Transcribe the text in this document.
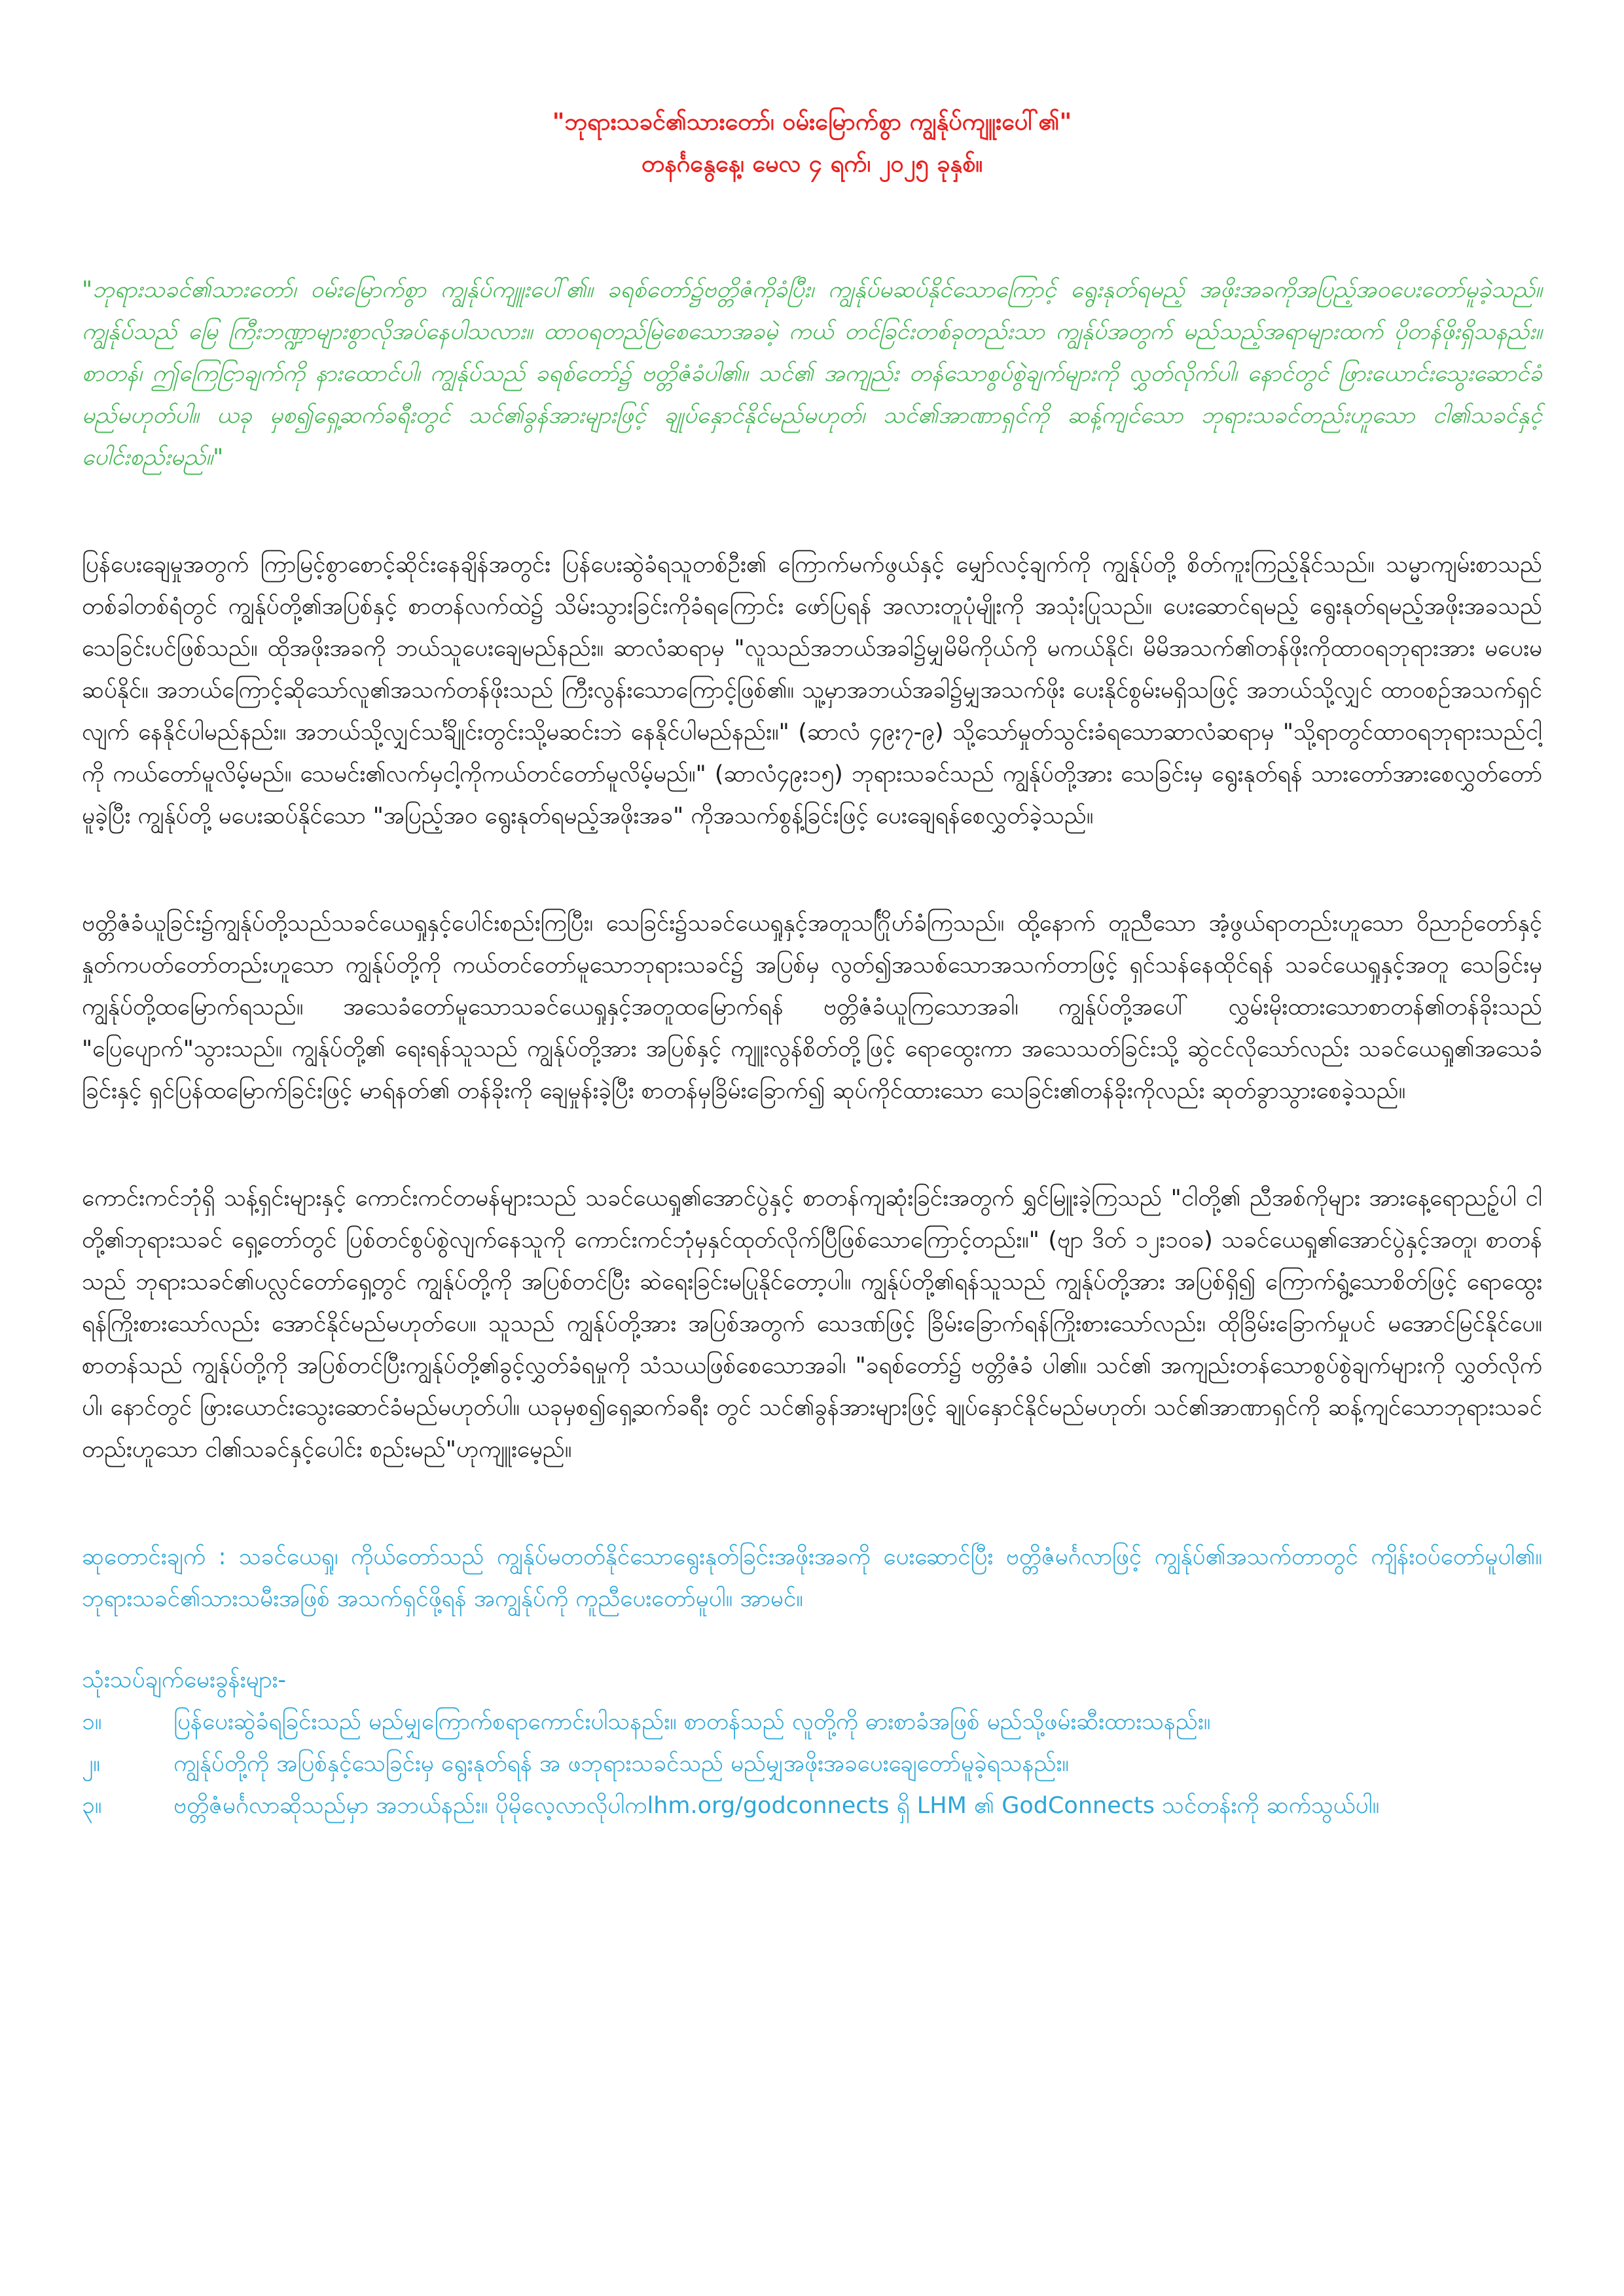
"ဘုရားသခင်၏သားတော်၊ ဝမ်းမြောက်စွာ ကျွန်ုပ်ကျူးပေါ်၏"

တနင်္ဂနွေနေ့၊ မေလ ၄ ရက်၊ ၂၀၂၅ ခုနှစ်။

"ဘုရားသခင်၏သားတော်၊ ဝမ်းမြောက်စွာ ကျွန်ုပ်ကျူးပေါ်၏။ ခရစ်တော်၌ဗတ္တိဇံကိုခံပြီး၊ ကျွန်ုပ်မဆပ်နိုင်သောကြောင့် ရွေးနုတ်ရမည့် အဖိုးအခကိုအပြည့်အဝပေးတော်မူခဲ့သည်။ ကျွန်ုပ်သည် မြေ ကြီးဘဏ္ဍာများစွာလိုအပ်နေပါသလား။ ထာဝရတည်မြဲစေသောအခမဲ့ ကယ် တင်ခြင်းတစ်ခုတည်းသာ ကျွန်ုပ်အတွက် မည်သည့်အရာများထက် ပိုတန်ဖိုးရှိသနည်း။ စာတန်၊ ဤကြေငြာချက်ကို နားထောင်ပါ၊ ကျွန်ုပ်သည် ခရစ်တော်၌ ဗတ္တိဇံခံပါ၏။ သင်၏ အကျည်း တန်သောစွပ်စွဲချက်များကို လွှတ်လိုက်ပါ၊ နောင်တွင် ဖြားယောင်းသွေးဆောင်ခံမည်မဟုတ်ပါ။ ယခု မှစ၍ရှေ့ဆက်ခရီးတွင် သင်၏ခွန်အားများဖြင့် ချုပ်နှောင်နိုင်မည်မဟုတ်၊ သင်၏အာဏာရှင်ကို ဆန့်ကျင်သော ဘုရားသခင်တည်းဟူသော ငါ၏သခင်နှင့်ပေါင်းစည်းမည်။"

ပြန်ပေးချေမှုအတွက် ကြာမြင့်စွာစောင့်ဆိုင်းနေချိန်အတွင်း ပြန်ပေးဆွဲခံရသူတစ်ဦး၏ ကြောက်မက်ဖွယ်နှင့် မျှော်လင့်ချက်ကို ကျွန်ုပ်တို့ စိတ်ကူးကြည့်နိုင်သည်။ သမ္မာကျမ်းစာသည် တစ်ခါတစ်ရံတွင် ကျွန်ုပ်တို့၏အပြစ်နှင့် စာတန်လက်ထဲ၌ သိမ်းသွားခြင်းကိုခံရကြောင်း ဖော်ပြရန် အလားတူပုံမျိုးကို အသုံးပြုသည်။ ပေးဆောင်ရမည့် ရွေးနုတ်ရမည့်အဖိုးအခသည် သေခြင်းပင်ဖြစ်သည်။ ထိုအဖိုးအခကို ဘယ်သူပေးချေမည်နည်း။ ဆာလံဆရာမှ "လူသည်အဘယ်အခါ၌မျှမိမိကိုယ်ကို မကယ်နိုင်၊ မိမိအသက်၏တန်ဖိုးကိုထာဝရဘုရားအား မပေးမဆပ်နိုင်။ အဘယ်ကြောင့်ဆိုသော်လူ၏အသက်တန်ဖိုးသည် ကြီးလွန်းသောကြောင့်ဖြစ်၏။ သူ့မှာအဘယ်အခါ၌မျှအသက်ဖိုး ပေးနိုင်စွမ်းမရှိသဖြင့် အဘယ်သို့လျှင် ထာဝစဉ်အသက်ရှင်လျက် နေနိုင်ပါမည်နည်း။ အဘယ်သို့လျှင်သင်္ချိုင်းတွင်းသို့မဆင်းဘဲ နေနိုင်ပါမည်နည်း။" (ဆာလံ ၄၉း၇-၉) သို့သော်မှုတ်သွင်းခံရသောဆာလံဆရာမှ "သို့ရာတွင်ထာဝရဘုရားသည်ငါ့ကို ကယ်တော်မူလိမ့်မည်။ သေမင်း၏လက်မှငါ့ကိုကယ်တင်တော်မူလိမ့်မည်။" (ဆာလံ၄၉း၁၅) ဘုရားသခင်သည် ကျွန်ုပ်တို့အား သေခြင်းမှ ရွေးနုတ်ရန် သားတော်အားစေလွှတ်တော်မူခဲ့ပြီး ကျွန်ုပ်တို့ မပေးဆပ်နိုင်သော "အပြည့်အဝ ရွေးနုတ်ရမည့်အဖိုးအခ" ကိုအသက်စွန့်ခြင်းဖြင့် ပေးချေရန်စေလွှတ်ခဲ့သည်။

ဗတ္တိဇံခံယူခြင်း၌ကျွန်ုပ်တို့သည်သခင်ယေရှုနှင့်ပေါင်းစည်းကြပြီး၊ သေခြင်း၌သခင်ယေရှုနှင့်အတူသင်္ဂြိုဟ်ခံကြသည်။ ထို့နောက် တူညီသော အံ့ဖွယ်ရာတည်းဟူသော ဝိညာဉ်တော်နှင့် နှုတ်ကပတ်တော်တည်းဟူသော ကျွန်ုပ်တို့ကို ကယ်တင်တော်မူသောဘုရားသခင်၌ အပြစ်မှ လွတ်၍အသစ်သောအသက်တာဖြင့် ရှင်သန်နေထိုင်ရန် သခင်ယေရှုနှင့်အတူ သေခြင်းမှ ကျွန်ုပ်တို့ထမြောက်ရသည်။ အသေခံတော်မူသောသခင်ယေရှုနှင့်အတူထမြောက်ရန် ဗတ္တိဇံခံယူကြသောအခါ၊ ကျွန်ုပ်တို့အပေါ် လွှမ်းမိုးထားသောစာတန်၏တန်ခိုးသည် "ပြေပျောက်"သွားသည်။ ကျွန်ုပ်တို့၏ ရေးရန်သူသည် ကျွန်ုပ်တို့အား အပြစ်နှင့် ကျူးလွန်စိတ်တို့ဖြင့် ရောထွေးကာ အသေသတ်ခြင်းသို့ ဆွဲငင်လိုသော်လည်း သခင်ယေရှု၏အသေခံခြင်းနှင့် ရှင်ပြန်ထမြောက်ခြင်းဖြင့် မာရ်နတ်၏ တန်ခိုးကို ချေမှုန်းခဲ့ပြီး စာတန်မှခြိမ်းခြောက်၍ ဆုပ်ကိုင်ထားသော သေခြင်း၏တန်ခိုးကိုလည်း ဆုတ်ခွာသွားစေခဲ့သည်။

ကောင်းကင်ဘုံရှိ သန့်ရှင်းများနှင့် ကောင်းကင်တမန်များသည် သခင်ယေရှု၏အောင်ပွဲနှင့် စာတန်ကျဆုံးခြင်းအတွက် ရွှင်မြူးခဲ့ကြသည် "ငါတို့၏ ညီအစ်ကိုများ အားနေ့ရောညဥ့်ပါ ငါတို့၏ဘုရားသခင် ရှေ့တော်တွင် ပြစ်တင်စွပ်စွဲလျက်နေသူကို ကောင်းကင်ဘုံမှနှင်ထုတ်လိုက်ပြီဖြစ်သောကြောင့်တည်း။" (ဗျာ ဒိတ် ၁၂း၁၀ခ) သခင်ယေရှု၏အောင်ပွဲနှင့်အတူ၊ စာတန်သည် ဘုရားသခင်၏ပလ္လင်တော်ရှေ့တွင် ကျွန်ုပ်တို့ကို အပြစ်တင်ပြီး ဆဲရေးခြင်းမပြုနိုင်တော့ပါ။ ကျွန်ုပ်တို့၏ရန်သူသည် ကျွန်ုပ်တို့အား အပြစ်ရှိ၍ ကြောက်ရွံ့သောစိတ်ဖြင့် ရောထွေးရန်ကြိုးစားသော်လည်း အောင်နိုင်မည်မဟုတ်ပေ။ သူသည် ကျွန်ုပ်တို့အား အပြစ်အတွက် သေဒဏ်ဖြင့် ခြိမ်းခြောက်ရန်ကြိုးစားသော်လည်း၊ ထိုခြိမ်းခြောက်မှုပင် မအောင်မြင်နိုင်ပေ။ စာတန်သည် ကျွန်ုပ်တို့ကို အပြစ်တင်ပြီးကျွန်ုပ်တို့၏ခွင့်လွှတ်ခံရမှုကို သံသယဖြစ်စေသောအခါ၊ "ခရစ်တော်၌ ဗတ္တိဇံခံ ပါ၏။ သင်၏ အကျည်းတန်သောစွပ်စွဲချက်များကို လွှတ်လိုက်ပါ၊ နောင်တွင် ဖြားယောင်းသွေးဆောင်ခံမည်မဟုတ်ပါ။ ယခုမှစ၍ရှေ့ဆက်ခရီး တွင် သင်၏ခွန်အားများဖြင့် ချုပ်နှောင်နိုင်မည်မဟုတ်၊ သင်၏အာဏာရှင်ကို ဆန့်ကျင်သောဘုရားသခင်တည်းဟူသော ငါ၏သခင်နှင့်ပေါင်း စည်းမည်"ဟုကျူးမေ့ည်။

ဆုတောင်းချက် : သခင်ယေရှု၊ ကိုယ်တော်သည် ကျွန်ုပ်မတတ်နိုင်သောရွေးနုတ်ခြင်းအဖိုးအခကို ပေးဆောင်ပြီး ဗတ္တိဇံမင်္ဂလာဖြင့် ကျွန်ုပ်၏အသက်တာတွင် ကျိန်းဝပ်တော်မူပါ၏။ ဘုရားသခင်၏သားသမီးအဖြစ် အသက်ရှင်ဖို့ရန် အကျွန်ုပ်ကို ကူညီပေးတော်မူပါ။ အာမင်။

သုံးသပ်ချက်မေးခွန်းများ-

၁။	ပြန်ပေးဆွဲခံရခြင်းသည် မည်မျှကြောက်စရာကောင်းပါသနည်း။ စာတန်သည် လူတို့ကို ဓားစာခံအဖြစ် မည်သို့ဖမ်းဆီးထားသနည်း။
၂။	ကျွန်ုပ်တို့ကို အပြစ်နှင့်သေခြင်းမှ ရွေးနုတ်ရန် အ ဖဘုရားသခင်သည် မည်မျှအဖိုးအခပေးချေတော်မူခဲ့ရသနည်း။
၃။	ဗတ္တိဇံမင်္ဂလာဆိုသည်မှာ အဘယ်နည်း။ ပိုမိုလေ့လာလိုပါကlhm.org/godconnects ရှိ LHM ၏ GodConnects သင်တန်းကို ဆက်သွယ်ပါ။
